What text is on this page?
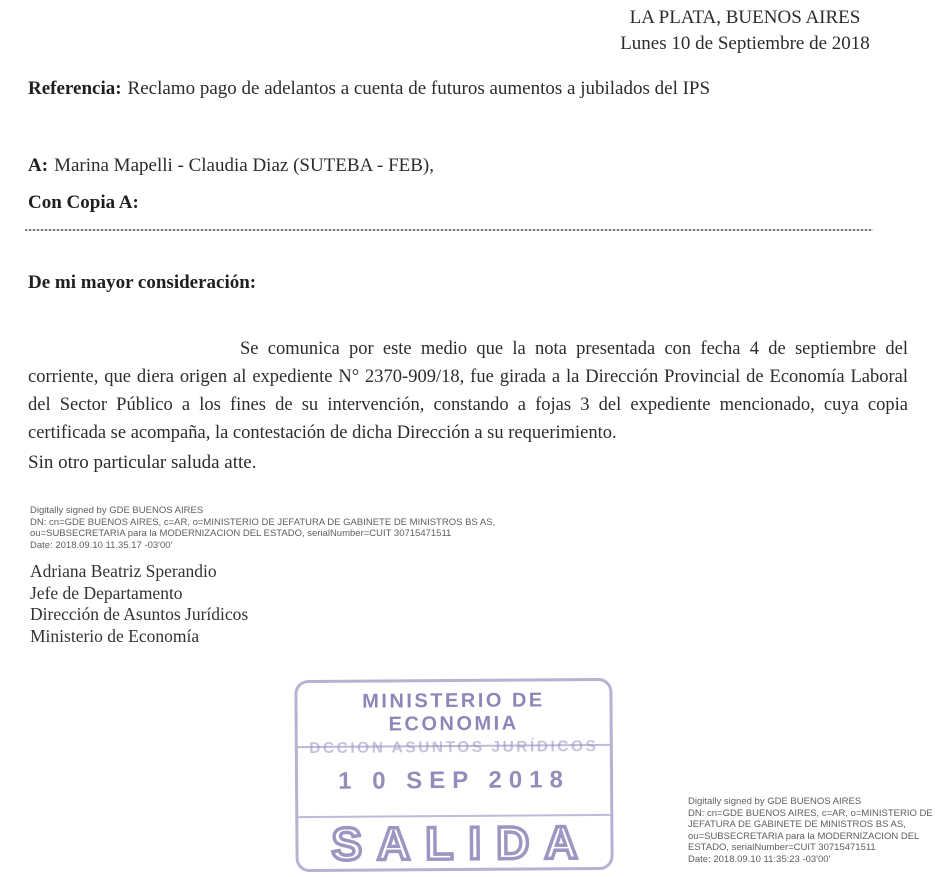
LA PLATA, BUENOS AIRES
Lunes 10 de Septiembre de 2018
Referencia: Reclamo pago de adelantos a cuenta de futuros aumentos a jubilados del IPS
A: Marina Mapelli - Claudia Diaz (SUTEBA - FEB),
Con Copia A:
De mi mayor consideración:
Se comunica por este medio que la nota presentada con fecha 4 de septiembre del corriente, que diera origen al expediente N° 2370-909/18, fue girada a la Dirección Provincial de Economía Laboral del Sector Público a los fines de su intervención, constando a fojas 3 del expediente mencionado, cuya copia certificada se acompaña, la contestación de dicha Dirección a su requerimiento.
Sin otro particular saluda atte.
Digitally signed by GDE BUENOS AIRES
DN: cn=GDE BUENOS AIRES, c=AR, o=MINISTERIO DE JEFATURA DE GABINETE DE MINISTROS BS AS,
ou=SUBSECRETARIA para la MODERNIZACION DEL ESTADO, serialNumber=CUIT 30715471511
Date: 2018.09.10 11.35.17 -03'00'
Adriana Beatriz Sperandio
Jefe de Departamento
Dirección de Asuntos Jurídicos
Ministerio de Economía
MINISTERIO DE ECONOMIA
DCCION ASUNTOS JURÍDICOS
1 0 SEP 2018
SALIDA
Digitally signed by GDE BUENOS AIRES
DN: cn=GDE BUENOS AIRES, c=AR, o=MINISTERIO DE
JEFATURA DE GABINETE DE MINISTROS BS AS,
ou=SUBSECRETARIA para la MODERNIZACION DEL
ESTADO, serialNumber=CUIT 30715471511
Date: 2018.09.10 11:35:23 -03'00'
